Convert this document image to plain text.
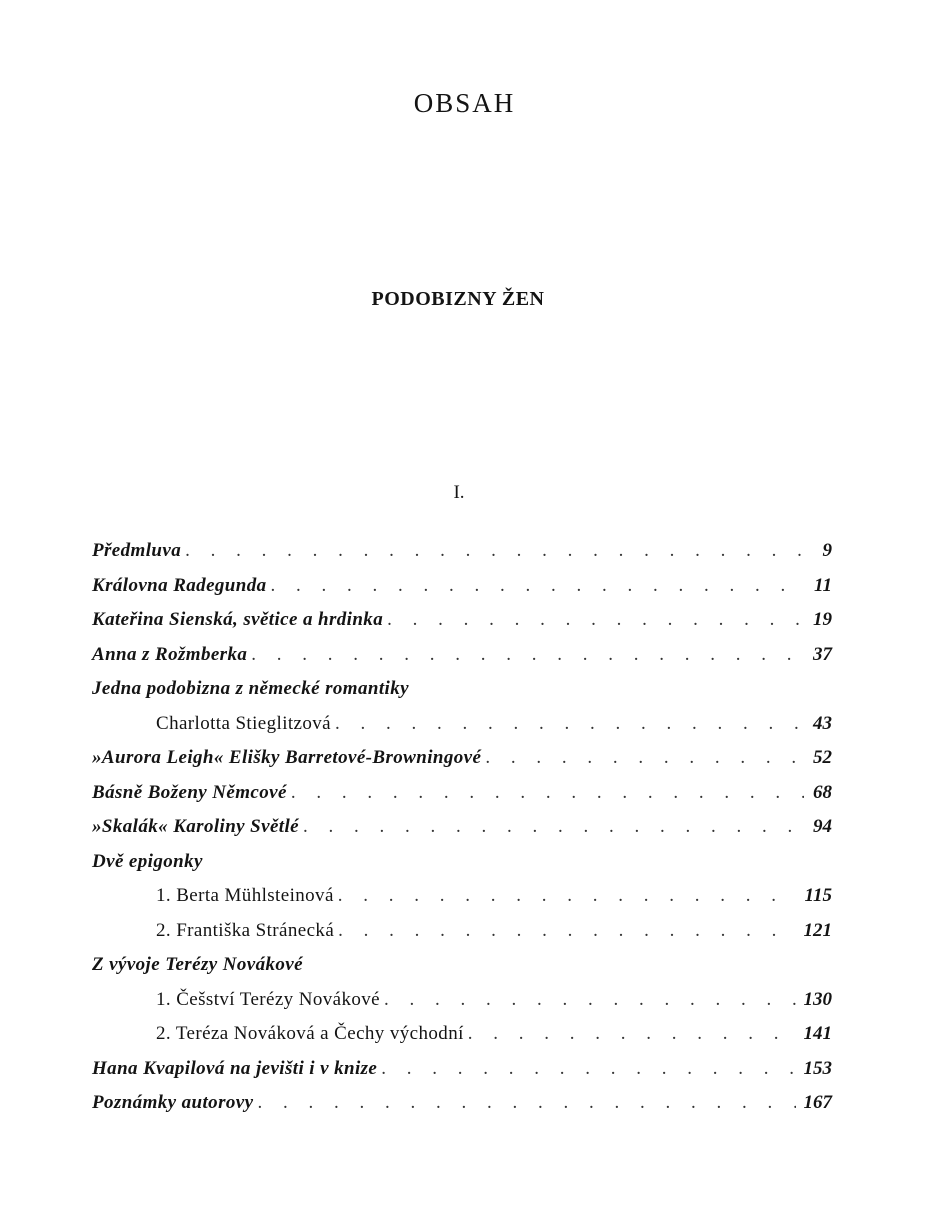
OBSAH
PODOBIZNY ŽEN
I.
Předmluva . . .	9
Královna Radegunda . . .	11
Kateřina Sienská, světice a hrdinka . . .	19
Anna z Rožmberka . . .	37
Jedna podobizna z německé romantiky
Charlotta Stieglitzová . . .	43
»Aurora Leigh« Elišky Barretové-Browningové . . .	52
Básně Boženy Němcové . . .	68
»Skalák« Karoliny Světlé . . .	94
Dvě epigonky
1. Berta Mühlsteinová . . .	115
2. Františka Stránecká . . .	121
Z vývoje Terézy Novákové
1. Češství Terézy Novákové . . .	130
2. Teréza Nováková a Čechy východní . . .	141
Hana Kvapilová na jevišti i v knize . . .	153
Poznámky autorovy . . .	167
